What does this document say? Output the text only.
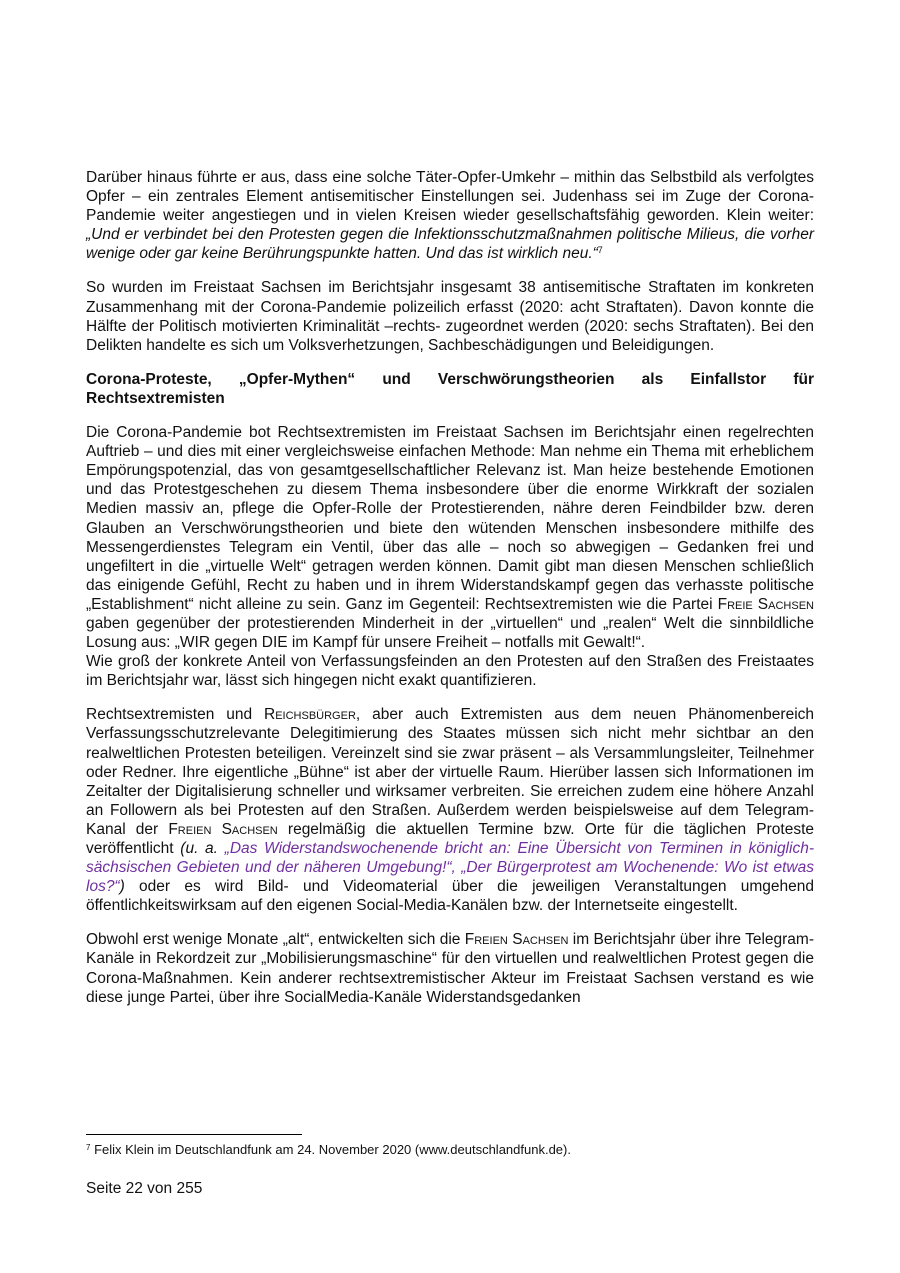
Darüber hinaus führte er aus, dass eine solche Täter-Opfer-Umkehr – mithin das Selbstbild als verfolgtes Opfer – ein zentrales Element antisemitischer Einstellungen sei. Judenhass sei im Zuge der Corona-Pandemie weiter angestiegen und in vielen Kreisen wieder gesellschaftsfähig geworden. Klein weiter: „Und er verbindet bei den Protesten gegen die Infektionsschutzmaßnahmen politische Milieus, die vorher wenige oder gar keine Berührungspunkte hatten. Und das ist wirklich neu.“$^7$

So wurden im Freistaat Sachsen im Berichtsjahr insgesamt 38 antisemitische Straftaten im konkreten Zusammenhang mit der Corona-Pandemie polizeilich erfasst (2020: acht Straftaten). Davon konnte die Hälfte der Politisch motivierten Kriminalität –rechts- zugeordnet werden (2020: sechs Straftaten). Bei den Delikten handelte es sich um Volksverhetzungen, Sachbeschädigungen und Beleidigungen.

Corona-Proteste, „Opfer-Mythen“ und Verschwörungstheorien als Einfallstor für Rechtsextremisten

Die Corona-Pandemie bot Rechtsextremisten im Freistaat Sachsen im Berichtsjahr einen regelrechten Auftrieb – und dies mit einer vergleichsweise einfachen Methode: Man nehme ein Thema mit erheblichem Empörungspotenzial, das von gesamtgesellschaftlicher Relevanz ist. Man heize bestehende Emotionen und das Protestgeschehen zu diesem Thema insbesondere über die enorme Wirkkraft der sozialen Medien massiv an, pflege die Opfer-Rolle der Protestierenden, nähre deren Feindbilder bzw. deren Glauben an Verschwörungstheorien und biete den wütenden Menschen insbesondere mithilfe des Messengerdienstes Telegram ein Ventil, über das alle – noch so abwegigen – Gedanken frei und ungefiltert in die „virtuelle Welt“ getragen werden können. Damit gibt man diesen Menschen schließlich das einigende Gefühl, Recht zu haben und in ihrem Widerstandskampf gegen das verhasste politische „Establishment“ nicht alleine zu sein. Ganz im Gegenteil: Rechtsextremisten wie die Partei Freie Sachsen gaben gegenüber der protestierenden Minderheit in der „virtuellen“ und „realen“ Welt die sinnbildliche Losung aus: „WIR gegen DIE im Kampf für unsere Freiheit – notfalls mit Gewalt!“.

Wie groß der konkrete Anteil von Verfassungsfeinden an den Protesten auf den Straßen des Freistaates im Berichtsjahr war, lässt sich hingegen nicht exakt quantifizieren.

Rechtsextremisten und Reichsbürger, aber auch Extremisten aus dem neuen Phänomenbereich Verfassungsschutzrelevante Delegitimierung des Staates müssen sich nicht mehr sichtbar an den realweltlichen Protesten beteiligen. Vereinzelt sind sie zwar präsent – als Versammlungsleiter, Teilnehmer oder Redner. Ihre eigentliche „Bühne“ ist aber der virtuelle Raum. Hierüber lassen sich Informationen im Zeitalter der Digitalisierung schneller und wirksamer verbreiten. Sie erreichen zudem eine höhere Anzahl an Followern als bei Protesten auf den Straßen. Außerdem werden beispielsweise auf dem Telegram-Kanal der Freien Sachsen regelmäßig die aktuellen Termine bzw. Orte für die täglichen Proteste veröffentlicht (u. a. „Das Widerstandswochenende bricht an: Eine Übersicht von Terminen in königlich-sächsischen Gebieten und der näheren Umgebung!“, „Der Bürgerprotest am Wochenende: Wo ist etwas los?“) oder es wird Bild- und Videomaterial über die jeweiligen Veranstaltungen umgehend öffentlichkeitswirksam auf den eigenen Social-Media-Kanälen bzw. der Internetseite eingestellt.

Obwohl erst wenige Monate „alt“, entwickelten sich die Freien Sachsen im Berichtsjahr über ihre Telegram-Kanäle in Rekordzeit zur „Mobilisierungsmaschine“ für den virtuellen und realweltlichen Protest gegen die Corona-Maßnahmen. Kein anderer rechtsextremistischer Akteur im Freistaat Sachsen verstand es wie diese junge Partei, über ihre SocialMedia-Kanäle Widerstandsgedanken

$^7$ Felix Klein im Deutschlandfunk am 24. November 2020 (www.deutschlandfunk.de).
Seite 22 von 255
